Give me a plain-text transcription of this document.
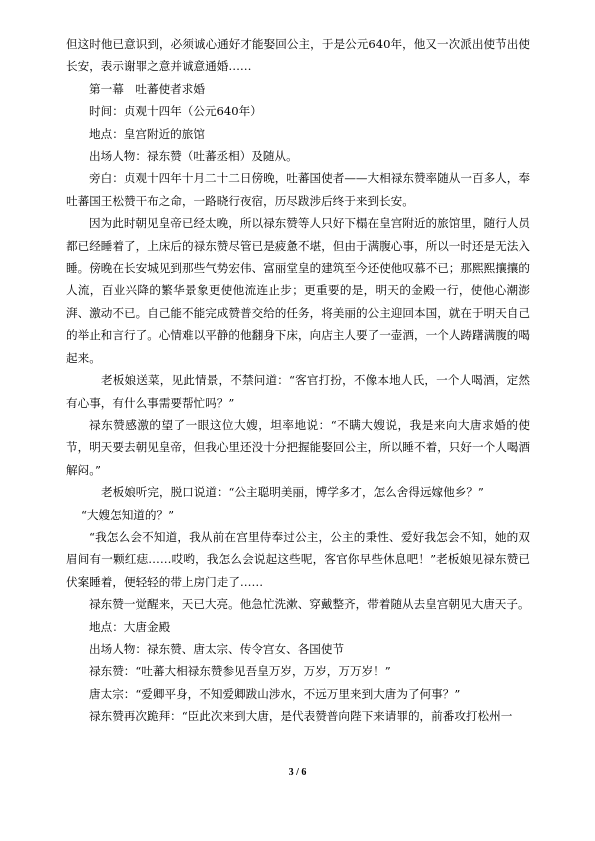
但这时他已意识到，必须诚心通好才能娶回公主，于是公元640年，他又一次派出使节出使长安，表示谢罪之意并诚意通婚……

第一幕　吐蕃使者求婚

时间：贞观十四年（公元640年）

地点：皇宫附近的旅馆

出场人物：禄东赞（吐蕃丞相）及随从。

旁白：贞观十四年十月二十二日傍晚，吐蕃国使者——大相禄东赞率随从一百多人，奉吐蕃国王松赞干布之命，一路晓行夜宿，历尽跋涉后终于来到长安。

因为此时朝见皇帝已经太晚，所以禄东赞等人只好下榻在皇宫附近的旅馆里，随行人员都已经睡着了，上床后的禄东赞尽管已是疲惫不堪，但由于满腹心事，所以一时还是无法入睡。傍晚在长安城见到那些气势宏伟、富丽堂皇的建筑至今还使他叹慕不已；那熙熙攘攘的人流，百业兴降的繁华景象更使他流连止步；更重要的是，明天的金殿一行，使他心潮澎湃、激动不已。自己能不能完成赞普交给的任务，将美丽的公主迎回本国，就在于明天自己的举止和言行了。心情难以平静的他翻身下床，向店主人要了一壶酒，一个人踌躇满腹的喝起来。

老板娘送菜，见此情景，不禁问道：“客官打扮，不像本地人氏，一个人喝酒，定然有心事，有什么事需要帮忙吗？”

禄东赞感激的望了一眼这位大嫂，坦率地说：“不瞒大嫂说，我是来向大唐求婚的使节，明天要去朝见皇帝，但我心里还没十分把握能娶回公主，所以睡不着，只好一个人喝酒解闷。”

老板娘听完，脱口说道：“公主聪明美丽，博学多才，怎么舍得远嫁他乡？”

“大嫂怎知道的？”

“我怎么会不知道，我从前在宫里侍奉过公主，公主的秉性、爱好我怎会不知，她的双眉间有一颗红痣……哎哟，我怎么会说起这些呢，客官你早些休息吧！”老板娘见禄东赞已伏案睡着，便轻轻的带上房门走了……

禄东赞一觉醒来，天已大亮。他急忙洗漱、穿戴整齐，带着随从去皇宫朝见大唐天子。

地点：大唐金殿

出场人物：禄东赞、唐太宗、传令宫女、各国使节

禄东赞：“吐蕃大相禄东赞参见吾皇万岁，万岁，万万岁！”

唐太宗：“爱卿平身，不知爱卿跋山涉水，不远万里来到大唐为了何事？”

禄东赞再次跪拜：“臣此次来到大唐，是代表赞普向陛下来请罪的，前番攻打松州一

3 / 6
